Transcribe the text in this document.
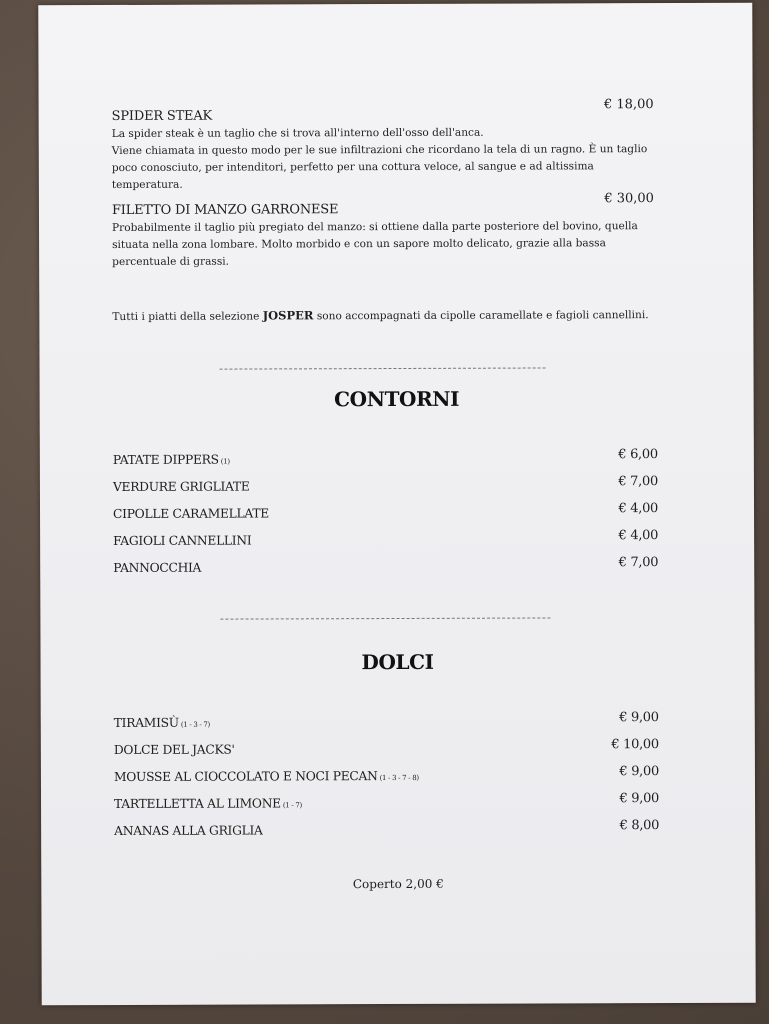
SPIDER STEAK
€ 18,00
La spider steak è un taglio che si trova all'interno dell'osso dell'anca.
Viene chiamata in questo modo per le sue infiltrazioni che ricordano la tela di un ragno. È un taglio
poco conosciuto, per intenditori, perfetto per una cottura veloce, al sangue e ad altissima temperatura.
FILETTO DI MANZO GARRONESE
€ 30,00
Probabilmente il taglio più pregiato del manzo: si ottiene dalla parte posteriore del bovino, quella
situata nella zona lombare. Molto morbido e con un sapore molto delicato, grazie alla bassa
percentuale di grassi.
Tutti i piatti della selezione JOSPER sono accompagnati da cipolle caramellate e fagioli cannellini.
CONTORNI
PATATE DIPPERS (1)	€ 6,00
VERDURE GRIGLIATE	€ 7,00
CIPOLLE CARAMELLATE	€ 4,00
FAGIOLI CANNELLINI	€ 4,00
PANNOCCHIA	€ 7,00
DOLCI
TIRAMISÙ (1 - 3 - 7)	€ 9,00
DOLCE DEL JACKS'	€ 10,00
MOUSSE AL CIOCCOLATO E NOCI PECAN (1 - 3 - 7 - 8)	€ 9,00
TARTELLETTA AL LIMONE (1 - 7)	€ 9,00
ANANAS ALLA GRIGLIA	€ 8,00
Coperto 2,00 €
